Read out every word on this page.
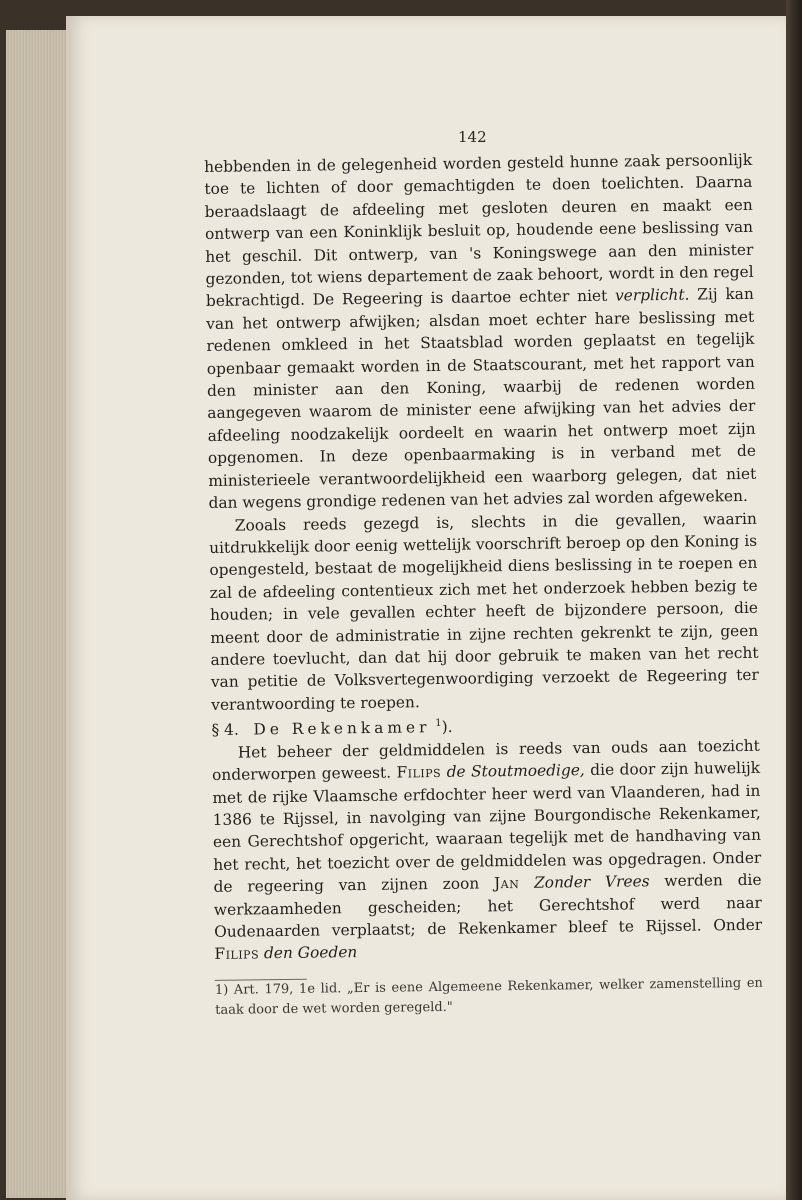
142

hebbenden in de gelegenheid worden gesteld hunne zaak persoonlijk toe te lichten of door gemachtigden te doen toelichten. Daarna beraadslaagt de afdeeling met gesloten deuren en maakt een ontwerp van een Koninklijk besluit op, houdende eene beslissing van het geschil. Dit ontwerp, van 's Koningswege aan den minister gezonden, tot wiens departement de zaak behoort, wordt in den regel bekrachtigd. De Regeering is daartoe echter niet verplicht. Zij kan van het ontwerp afwijken; alsdan moet echter hare beslissing met redenen omkleed in het Staatsblad worden geplaatst en tegelijk openbaar gemaakt worden in de Staatscourant, met het rapport van den minister aan den Koning, waarbij de redenen worden aangegeven waarom de minister eene afwijking van het advies der afdeeling noodzakelijk oordeelt en waarin het ontwerp moet zijn opgenomen. In deze openbaarmaking is in verband met de ministerieele verantwoordelijkheid een waarborg gelegen, dat niet dan wegens grondige redenen van het advies zal worden afgeweken.

Zooals reeds gezegd is, slechts in die gevallen, waarin uitdrukkelijk door eenig wettelijk voorschrift beroep op den Koning is opengesteld, bestaat de mogelijkheid diens beslissing in te roepen en zal de afdeeling contentieux zich met het onderzoek hebben bezig te houden; in vele gevallen echter heeft de bijzondere persoon, die meent door de administratie in zijne rechten gekrenkt te zijn, geen andere toevlucht, dan dat hij door gebruik te maken van het recht van petitie de Volksvertegenwoordiging verzoekt de Regeering ter verantwoording te roepen.

§ 4. De Rekenkamer $^1$).

Het beheer der geldmiddelen is reeds van ouds aan toezicht onderworpen geweest. Filips de Stoutmoedige, die door zijn huwelijk met de rijke Vlaamsche erfdochter heer werd van Vlaanderen, had in 1386 te Rijssel, in navolging van zijne Bourgondische Rekenkamer, een Gerechtshof opgericht, waaraan tegelijk met de handhaving van het recht, het toezicht over de geldmiddelen was opgedragen. Onder de regeering van zijnen zoon Jan Zonder Vrees werden die werkzaamheden gescheiden; het Gerechtshof werd naar Oudenaarden verplaatst; de Rekenkamer bleef te Rijssel. Onder Filips den Goeden

1) Art. 179, 1e lid. „Er is eene Algemeene Rekenkamer, welker zamenstelling en taak door de wet worden geregeld."
